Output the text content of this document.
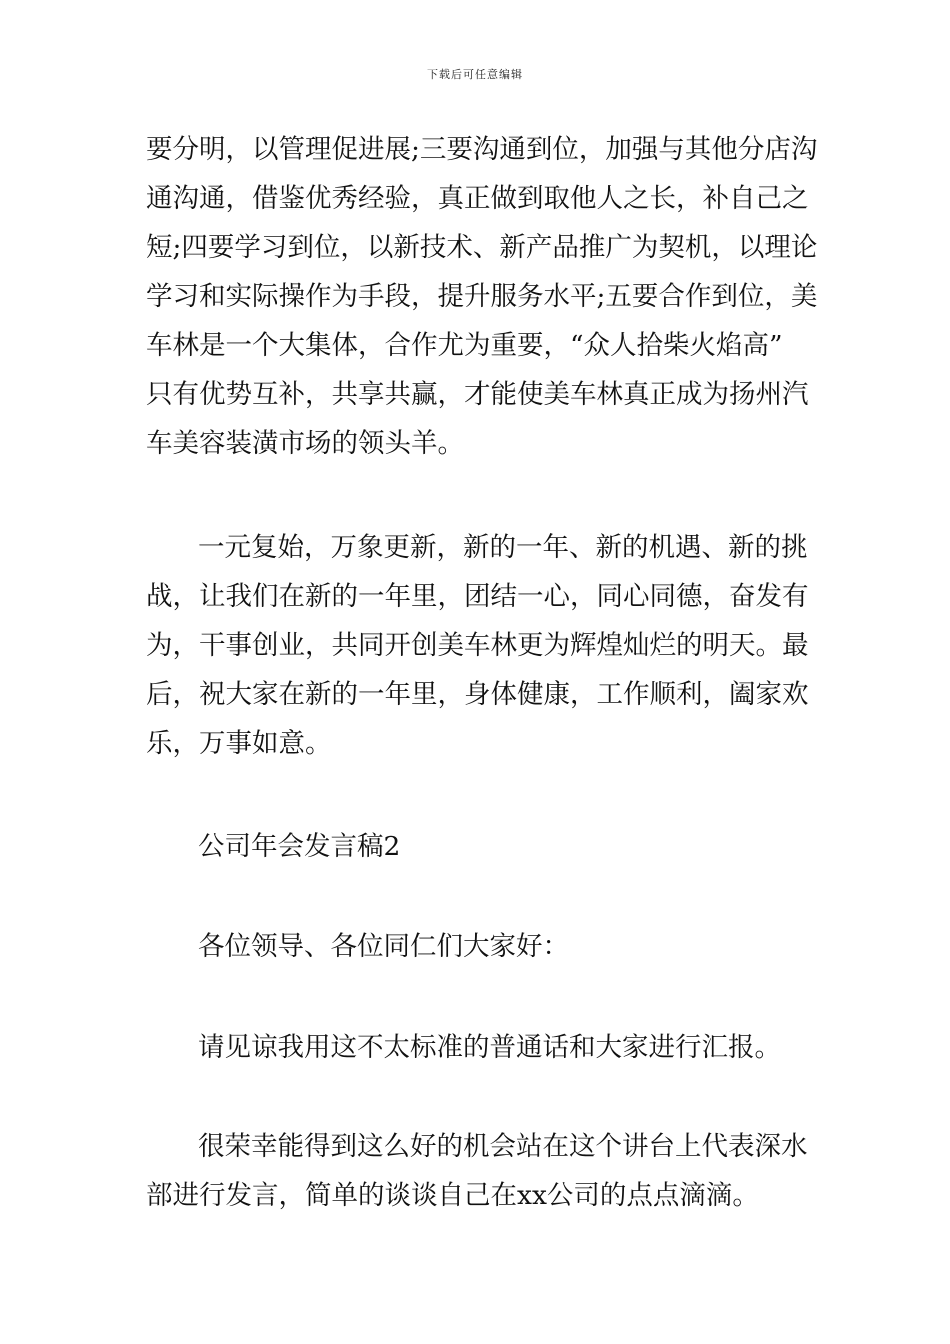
下载后可任意编辑
要分明，以管理促进展;三要沟通到位，加强与其他分店沟
通沟通，借鉴优秀经验，真正做到取他人之长，补自己之
短;四要学习到位，以新技术、新产品推广为契机，以理论
学习和实际操作为手段，提升服务水平;五要合作到位，美
车林是一个大集体，合作尤为重要，“众人拾柴火焰高”
只有优势互补，共享共赢，才能使美车林真正成为扬州汽
车美容装潢市场的领头羊。
一元复始，万象更新，新的一年、新的机遇、新的挑
战，让我们在新的一年里，团结一心，同心同德，奋发有
为，干事创业，共同开创美车林更为辉煌灿烂的明天。最
后，祝大家在新的一年里，身体健康，工作顺利，阖家欢
乐，万事如意。
公司年会发言稿2
各位领导、各位同仁们大家好：
请见谅我用这不太标准的普通话和大家进行汇报。
很荣幸能得到这么好的机会站在这个讲台上代表深水
部进行发言，简单的谈谈自己在xx公司的点点滴滴。
